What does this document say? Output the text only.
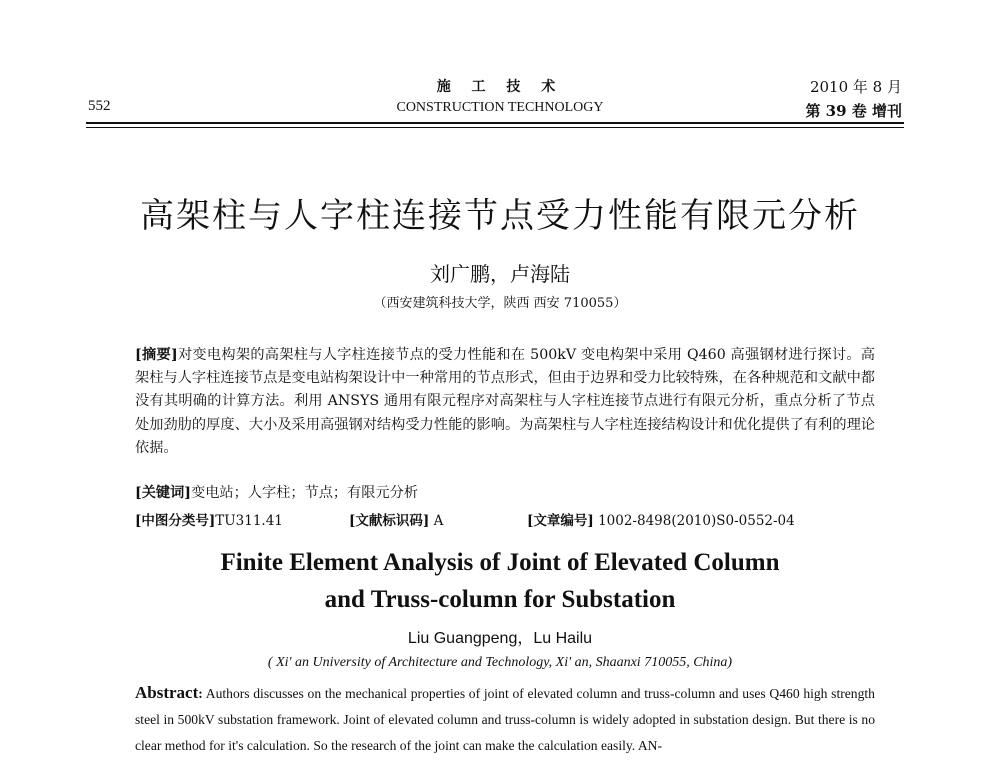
552
施 工 技 术
CONSTRUCTION TECHNOLOGY
2010 年 8 月
第 39 卷 增刊
高架柱与人字柱连接节点受力性能有限元分析
刘广鹏，卢海陆
（西安建筑科技大学，陕西 西安 710055）
[摘要]对变电构架的高架柱与人字柱连接节点的受力性能和在 500kV 变电构架中采用 Q460 高强钢材进行探讨。高架柱与人字柱连接节点是变电站构架设计中一种常用的节点形式，但由于边界和受力比较特殊，在各种规范和文献中都没有其明确的计算方法。利用 ANSYS 通用有限元程序对高架柱与人字柱连接节点进行有限元分析，重点分析了节点处加劲肋的厚度、大小及采用高强钢对结构受力性能的影响。为高架柱与人字柱连接结构设计和优化提供了有利的理论依据。
[关键词]变电站；人字柱；节点；有限元分析
[中图分类号]TU311.41	[文献标识码] A	[文章编号] 1002-8498(2010)S0-0552-04
Finite Element Analysis of Joint of Elevated Column
and Truss-column for Substation
Liu Guangpeng，Lu Hailu
( Xi' an University of Architecture and Technology, Xi' an, Shaanxi 710055, China)
Abstract: Authors discusses on the mechanical properties of joint of elevated column and truss-column and uses Q460 high strength steel in 500kV substation framework. Joint of elevated column and truss-column is widely adopted in substation design. But there is no clear method for it's calculation. So the research of the joint can make the calculation easily. AN-
